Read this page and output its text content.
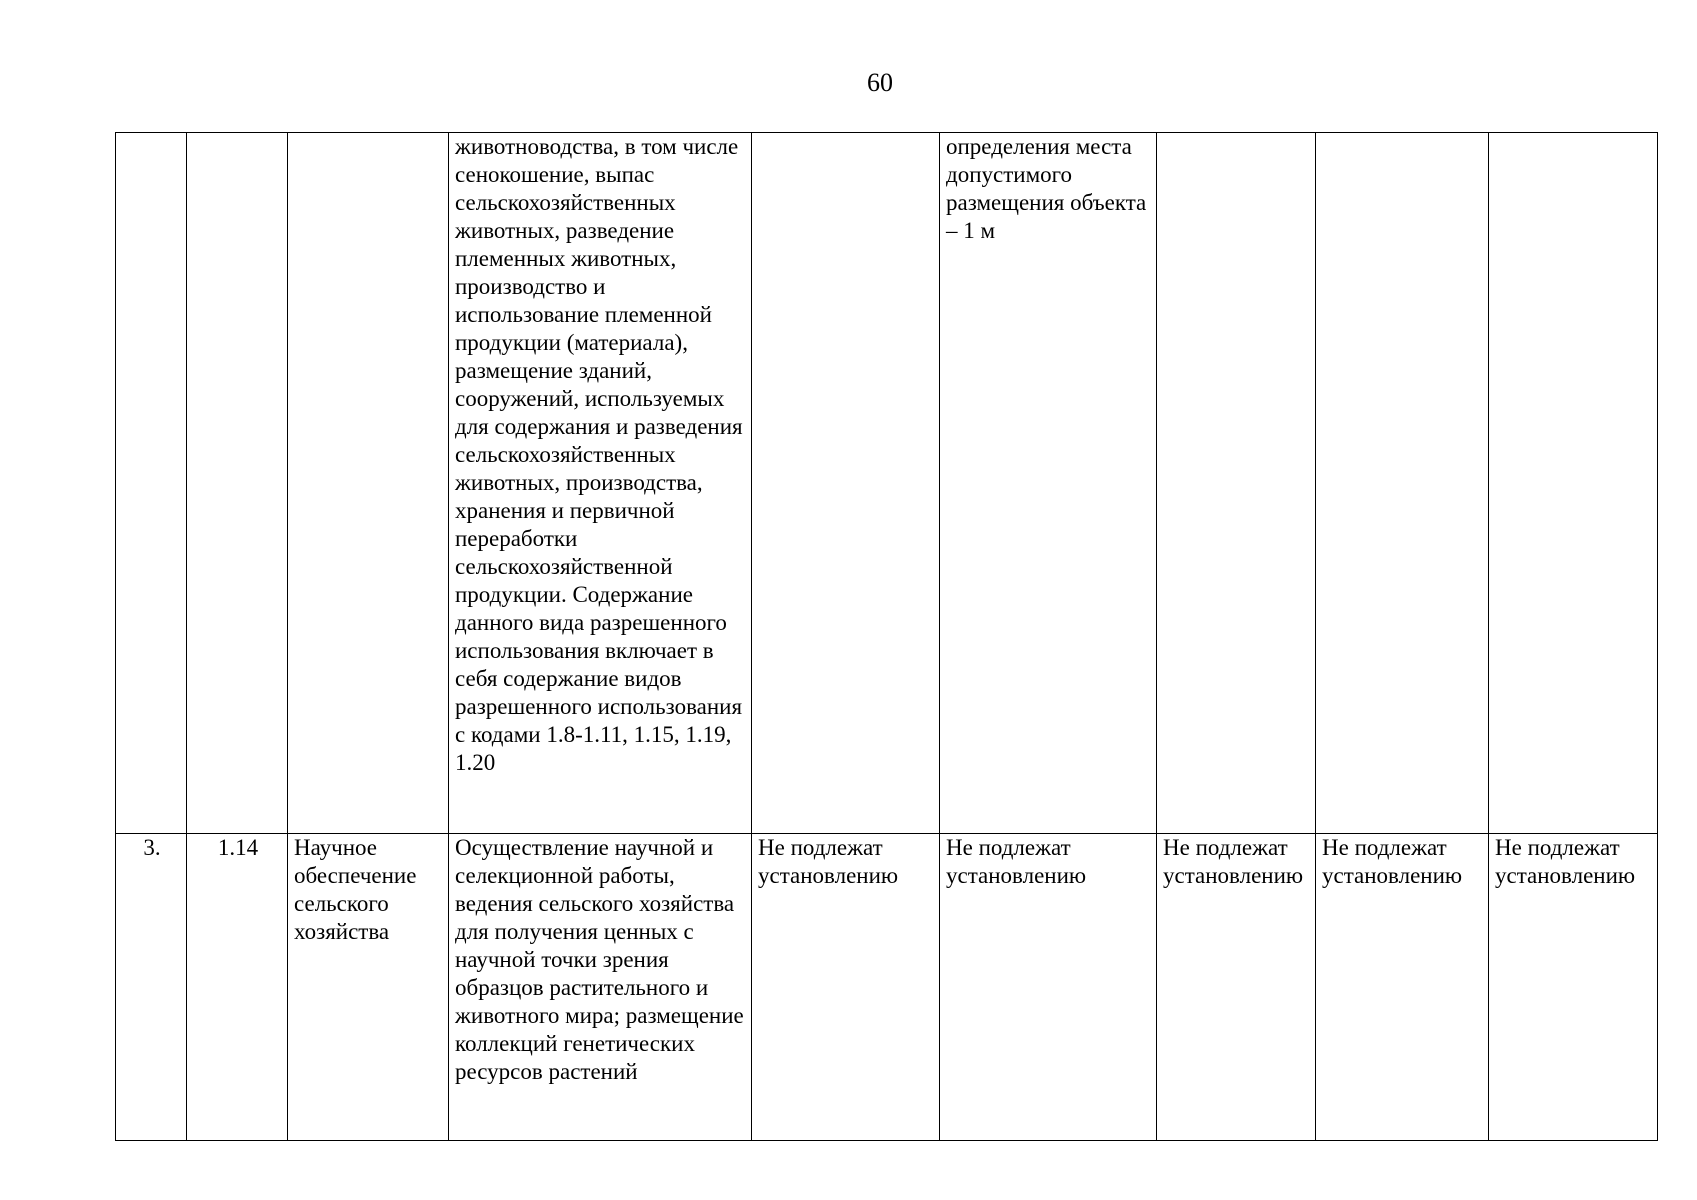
60
			животноводства, в том числе сенокошение, выпас сельскохозяйственных животных, разведение племенных животных, производство и использование племенной продукции (материала), размещение зданий, сооружений, используемых для содержания и разведения сельскохозяйственных животных, производства, хранения и первичной переработки сельскохозяйственной продукции. Содержание данного вида разрешенного использования включает в себя содержание видов разрешенного использования с кодами 1.8-1.11, 1.15, 1.19, 1.20		определения места допустимого размещения объекта – 1 м			
3.	1.14	Научное обеспечение сельского хозяйства	Осуществление научной и селекционной работы, ведения сельского хозяйства для получения ценных с научной точки зрения образцов растительного и животного мира; размещение коллекций генетических ресурсов растений	Не подлежат установлению	Не подлежат установлению	Не подлежат установлению	Не подлежат установлению	Не подлежат установлению
